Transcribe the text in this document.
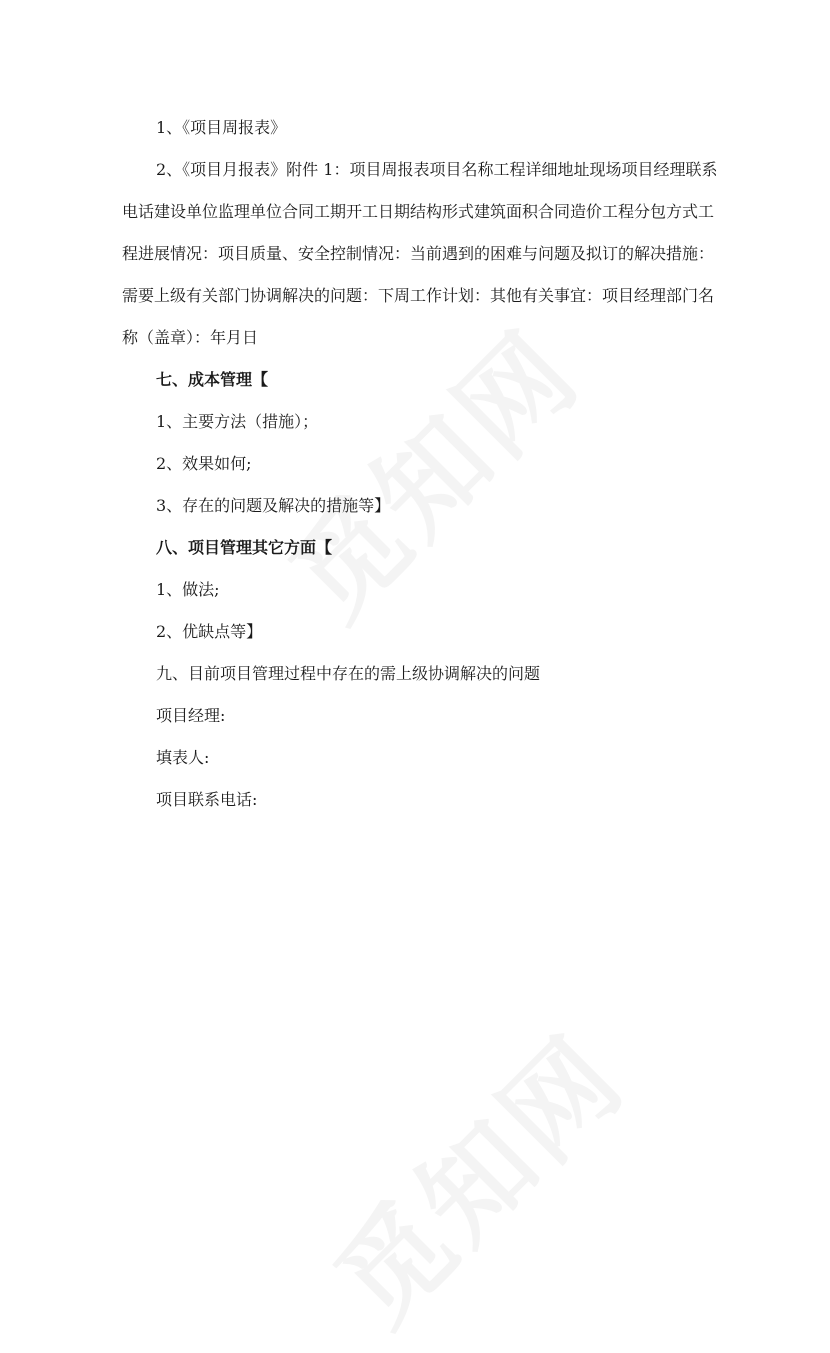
1、《项目周报表》

2、《项目月报表》附件 1：项目周报表项目名称工程详细地址现场项目经理联系电话建设单位监理单位合同工期开工日期结构形式建筑面积合同造价工程分包方式工程进展情况：项目质量、安全控制情况：当前遇到的困难与问题及拟订的解决措施：需要上级有关部门协调解决的问题：下周工作计划：其他有关事宜：项目经理部门名称（盖章）：年月日

七、成本管理【

1、主要方法（措施）；

2、效果如何;

3、存在的问题及解决的措施等】

八、项目管理其它方面【

1、做法;

2、优缺点等】

九、目前项目管理过程中存在的需上级协调解决的问题

项目经理:

填表人:

项目联系电话:
